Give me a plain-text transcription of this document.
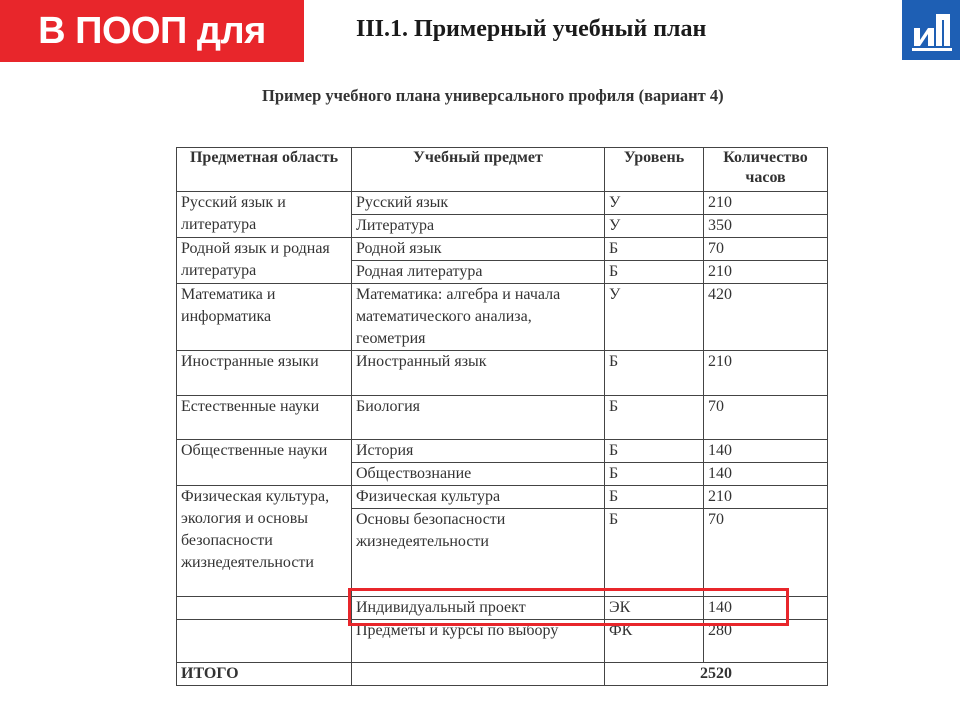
В ПООП для СОО
III.1. Примерный учебный план
Пример учебного плана универсального профиля (вариант 4)
Предметная область	Учебный предмет	Уровень	Количество часов
Русский язык и литература	Русский язык	У	210
	Литература	У	350
Родной язык и родная литература	Родной язык	Б	70
	Родная литература	Б	210
Математика и информатика	Математика: алгебра и начала математического анализа, геометрия	У	420
Иностранные языки	Иностранный язык	Б	210
Естественные науки	Биология	Б	70
Общественные науки	История	Б	140
	Обществознание	Б	140
Физическая культура, экология и основы безопасности жизнедеятельности	Физическая культура	Б	210
	Основы безопасности жизнедеятельности	Б	70
	Индивидуальный проект	ЭК	140
	Предметы и курсы по выбору	ФК	280
ИТОГО		2520	
